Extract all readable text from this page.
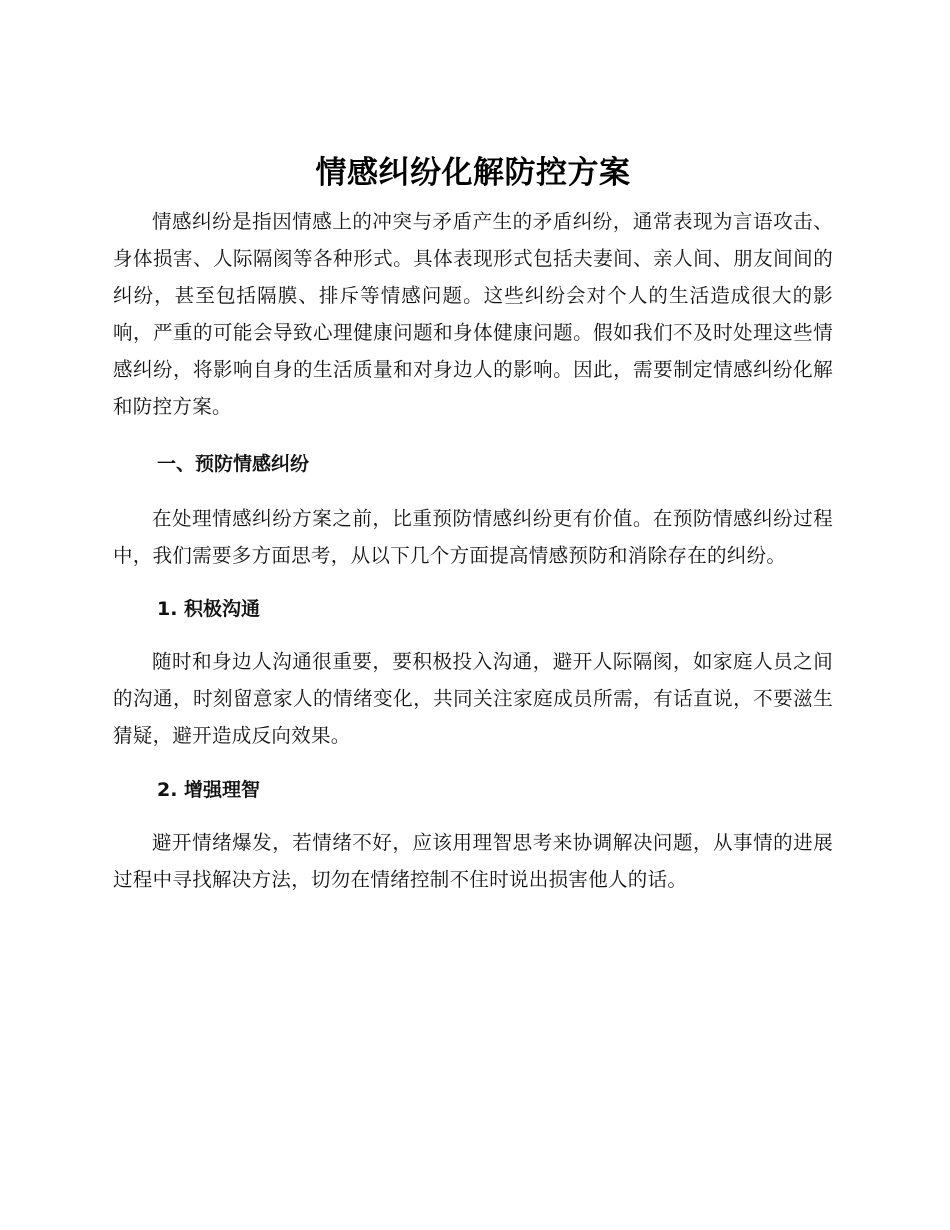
情感纠纷化解防控方案

情感纠纷是指因情感上的冲突与矛盾产生的矛盾纠纷，通常表现为言语攻击、身体损害、人际隔阂等各种形式。具体表现形式包括夫妻间、亲人间、朋友间间的纠纷，甚至包括隔膜、排斥等情感问题。这些纠纷会对个人的生活造成很大的影响，严重的可能会导致心理健康问题和身体健康问题。假如我们不及时处理这些情感纠纷，将影响自身的生活质量和对身边人的影响。因此，需要制定情感纠纷化解和防控方案。

一、预防情感纠纷

在处理情感纠纷方案之前，比重预防情感纠纷更有价值。在预防情感纠纷过程中，我们需要多方面思考，从以下几个方面提高情感预防和消除存在的纠纷。

1. 积极沟通

随时和身边人沟通很重要，要积极投入沟通，避开人际隔阂，如家庭人员之间的沟通，时刻留意家人的情绪变化，共同关注家庭成员所需，有话直说，不要滋生猜疑，避开造成反向效果。

2. 增强理智

避开情绪爆发，若情绪不好，应该用理智思考来协调解决问题，从事情的进展过程中寻找解决方法，切勿在情绪控制不住时说出损害他人的话。
